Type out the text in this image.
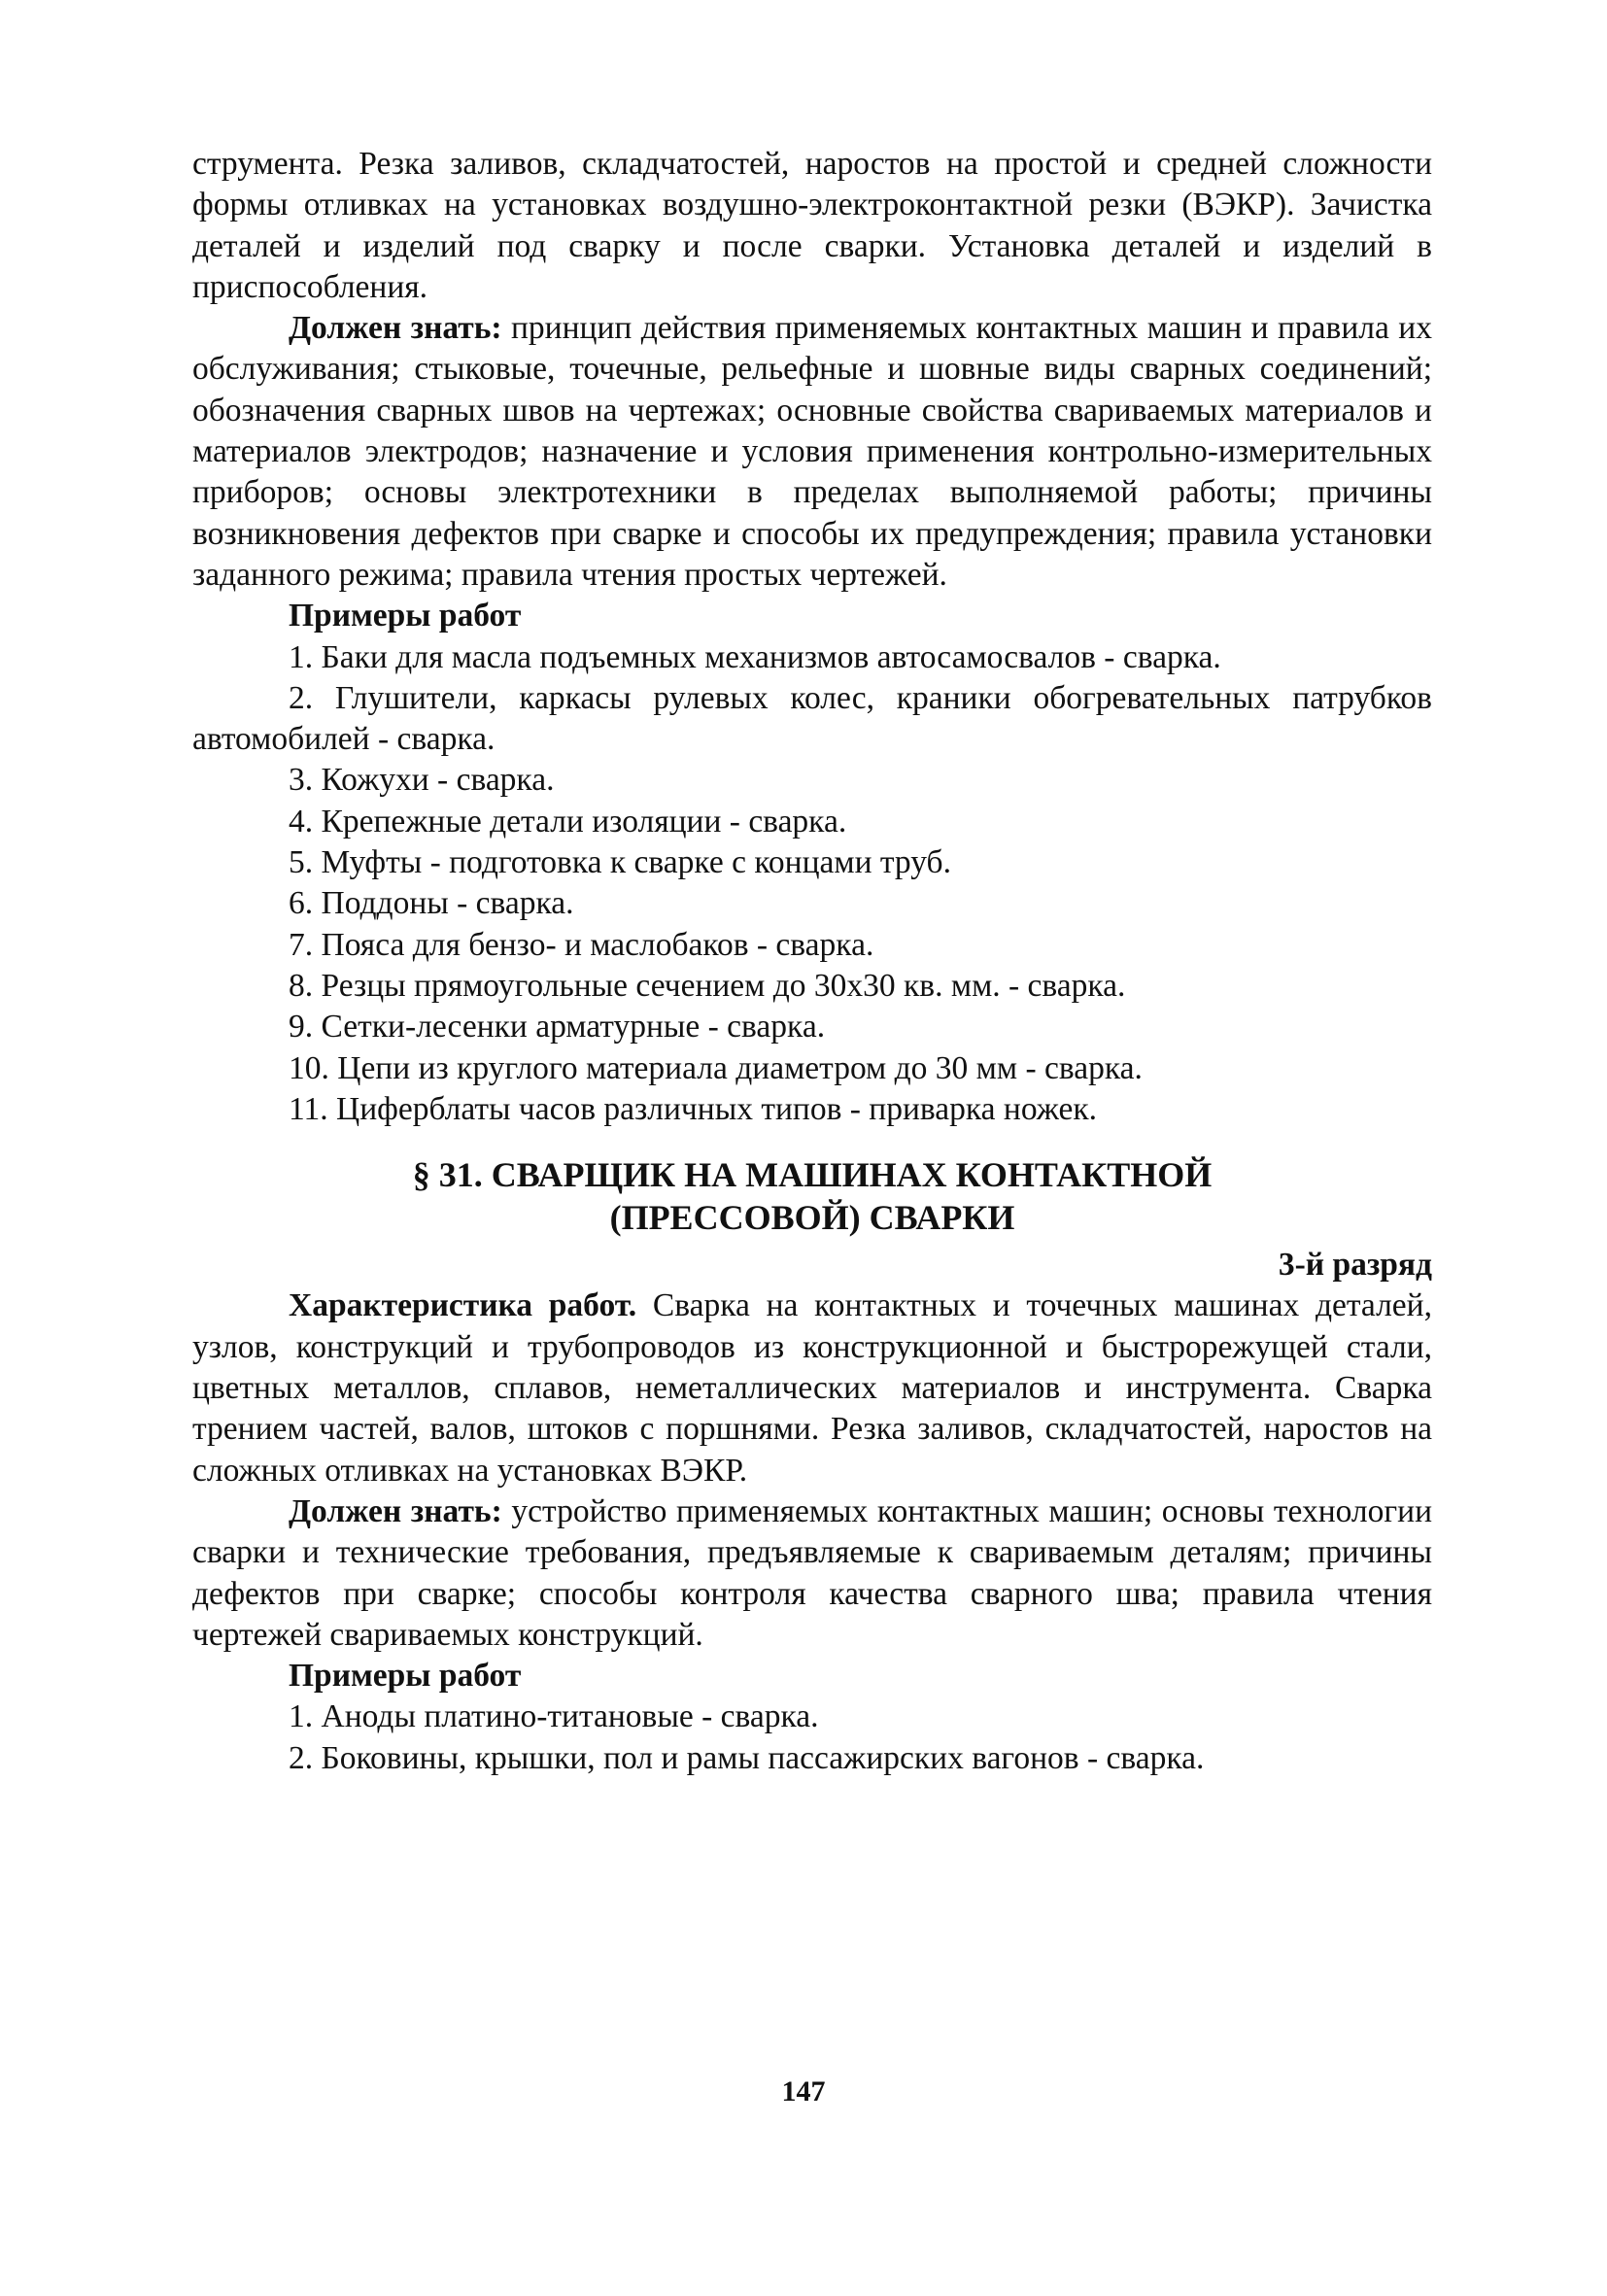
струмента. Резка заливов, складчатостей, наростов на простой и средней сложности формы отливках на установках воздушно-электроконтактной резки (ВЭКР). Зачистка деталей и изделий под сварку и после сварки. Установка деталей и изделий в приспособления.

Должен знать: принцип действия применяемых контактных машин и правила их обслуживания; стыковые, точечные, рельефные и шовные виды сварных соединений; обозначения сварных швов на чертежах; основные свойства свариваемых материалов и материалов электродов; назначение и условия применения контрольно-измерительных приборов; основы электротехники в пределах выполняемой работы; причины возникновения дефектов при сварке и способы их предупреждения; правила установки заданного режима; правила чтения простых чертежей.

Примеры работ

1. Баки для масла подъемных механизмов автосамосвалов - сварка.

2. Глушители, каркасы рулевых колес, краники обогревательных патрубков автомобилей - сварка.

3. Кожухи - сварка.

4. Крепежные детали изоляции - сварка.

5. Муфты - подготовка к сварке с концами труб.

6. Поддоны - сварка.

7. Пояса для бензо- и маслобаков - сварка.

8. Резцы прямоугольные сечением до 30х30 кв. мм. - сварка.

9. Сетки-лесенки арматурные - сварка.

10. Цепи из круглого материала диаметром до 30 мм - сварка.

11. Циферблаты часов различных типов - приварка ножек.

§ 31. СВАРЩИК НА МАШИНАХ КОНТАКТНОЙ
(ПРЕССОВОЙ) СВАРКИ

3-й разряд

Характеристика работ. Сварка на контактных и точечных машинах деталей, узлов, конструкций и трубопроводов из конструкционной и быстрорежущей стали, цветных металлов, сплавов, неметаллических материалов и инструмента. Сварка трением частей, валов, штоков с поршнями. Резка заливов, складчатостей, наростов на сложных отливках на установках ВЭКР.

Должен знать: устройство применяемых контактных машин; основы технологии сварки и технические требования, предъявляемые к свариваемым деталям; причины дефектов при сварке; способы контроля качества сварного шва; правила чтения чертежей свариваемых конструкций.

Примеры работ

1. Аноды платино-титановые - сварка.

2. Боковины, крышки, пол и рамы пассажирских вагонов - сварка.

147
